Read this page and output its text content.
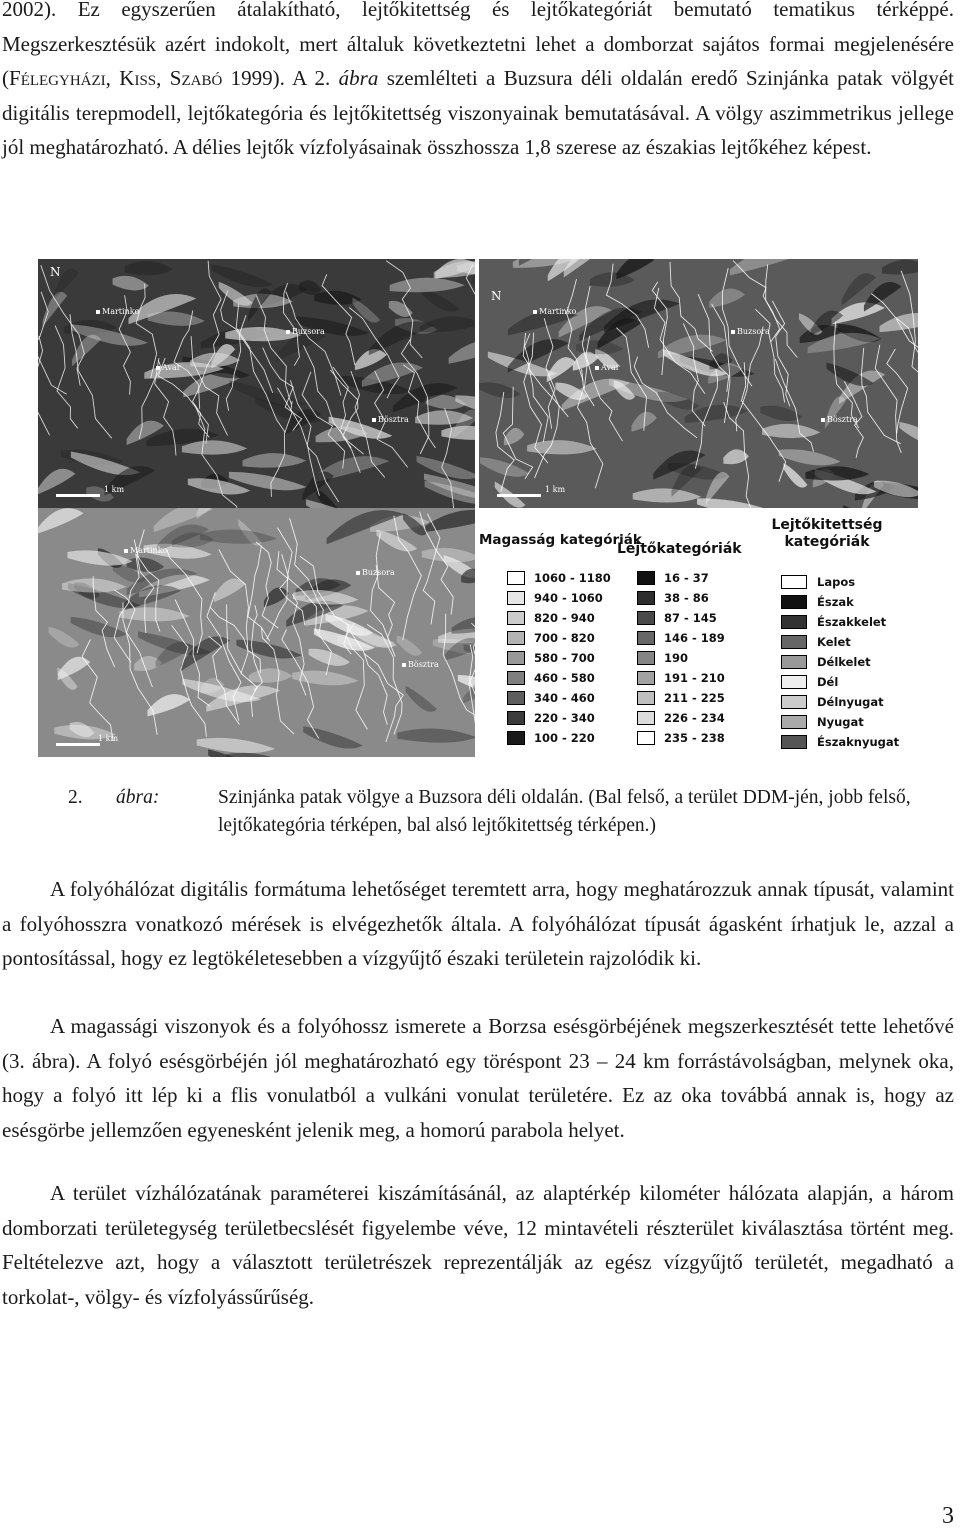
2002). Ez egyszerűen átalakítható, lejtőkitettség és lejtőkategóriát bemutató tematikus térképpé. Megszerkesztésük azért indokolt, mert általuk következtetni lehet a domborzat sajátos formai megjelenésére (Félegyházi, Kiss, Szabó 1999). A 2. ábra szemlélteti a Buzsura déli oldalán eredő Szinjánka patak völgyét digitális terepmodell, lejtőkategória és lejtőkitettség viszonyainak bemutatásával. A völgy aszimmetrikus jellege jól meghatározható. A délies lejtők vízfolyásainak összhossza 1,8 szerese az északias lejtőkéhez képest.

N
Martinko
Buzsora
Avar
Bösztra
1 km
N
Martinko
Buzsora
Avar
Bösztra
1 km
Martinko
Buzsora
Bösztra
1 km
Magasság kategóriák
1060 - 1180
940 - 1060
820 - 940
700 - 820
580 - 700
460 - 580
340 - 460
220 - 340
100 - 220
Lejtőkategóriák
16 - 37
38 - 86
87 - 145
146 - 189
190
191 - 210
211 - 225
226 - 234
235 - 238
Lejtőkitettség
kategóriák
Lapos
Észak
Északkelet
Kelet
Délkelet
Dél
Délnyugat
Nyugat
Északnyugat
2. ábra:	Szinjánka patak völgye a Buzsora déli oldalán. (Bal felső, a terület DDM-jén, jobb felső, lejtőkategória térképen, bal alsó lejtőkitettség térképen.)

A folyóhálózat digitális formátuma lehetőséget teremtett arra, hogy meghatározzuk annak típusát, valamint a folyóhosszra vonatkozó mérések is elvégezhetők általa. A folyóhálózat típusát ágasként írhatjuk le, azzal a pontosítással, hogy ez legtökéletesebben a vízgyűjtő északi területein rajzolódik ki.

A magassági viszonyok és a folyóhossz ismerete a Borzsa esésgörbéjének megszerkesztését tette lehetővé (3. ábra). A folyó esésgörbéjén jól meghatározható egy töréspont 23 – 24 km forrástávolságban, melynek oka, hogy a folyó itt lép ki a flis vonulatból a vulkáni vonulat területére. Ez az oka továbbá annak is, hogy az esésgörbe jellemzően egyenesként jelenik meg, a homorú parabola helyet.

A terület vízhálózatának paraméterei kiszámításánál, az alaptérkép kilométer hálózata alapján, a három domborzati területegység területbecslését figyelembe véve, 12 mintavételi részterület kiválasztása történt meg. Feltételezve azt, hogy a választott területrészek reprezentálják az egész vízgyűjtő területét, megadható a torkolat-, völgy- és vízfolyássűrűség.

3
